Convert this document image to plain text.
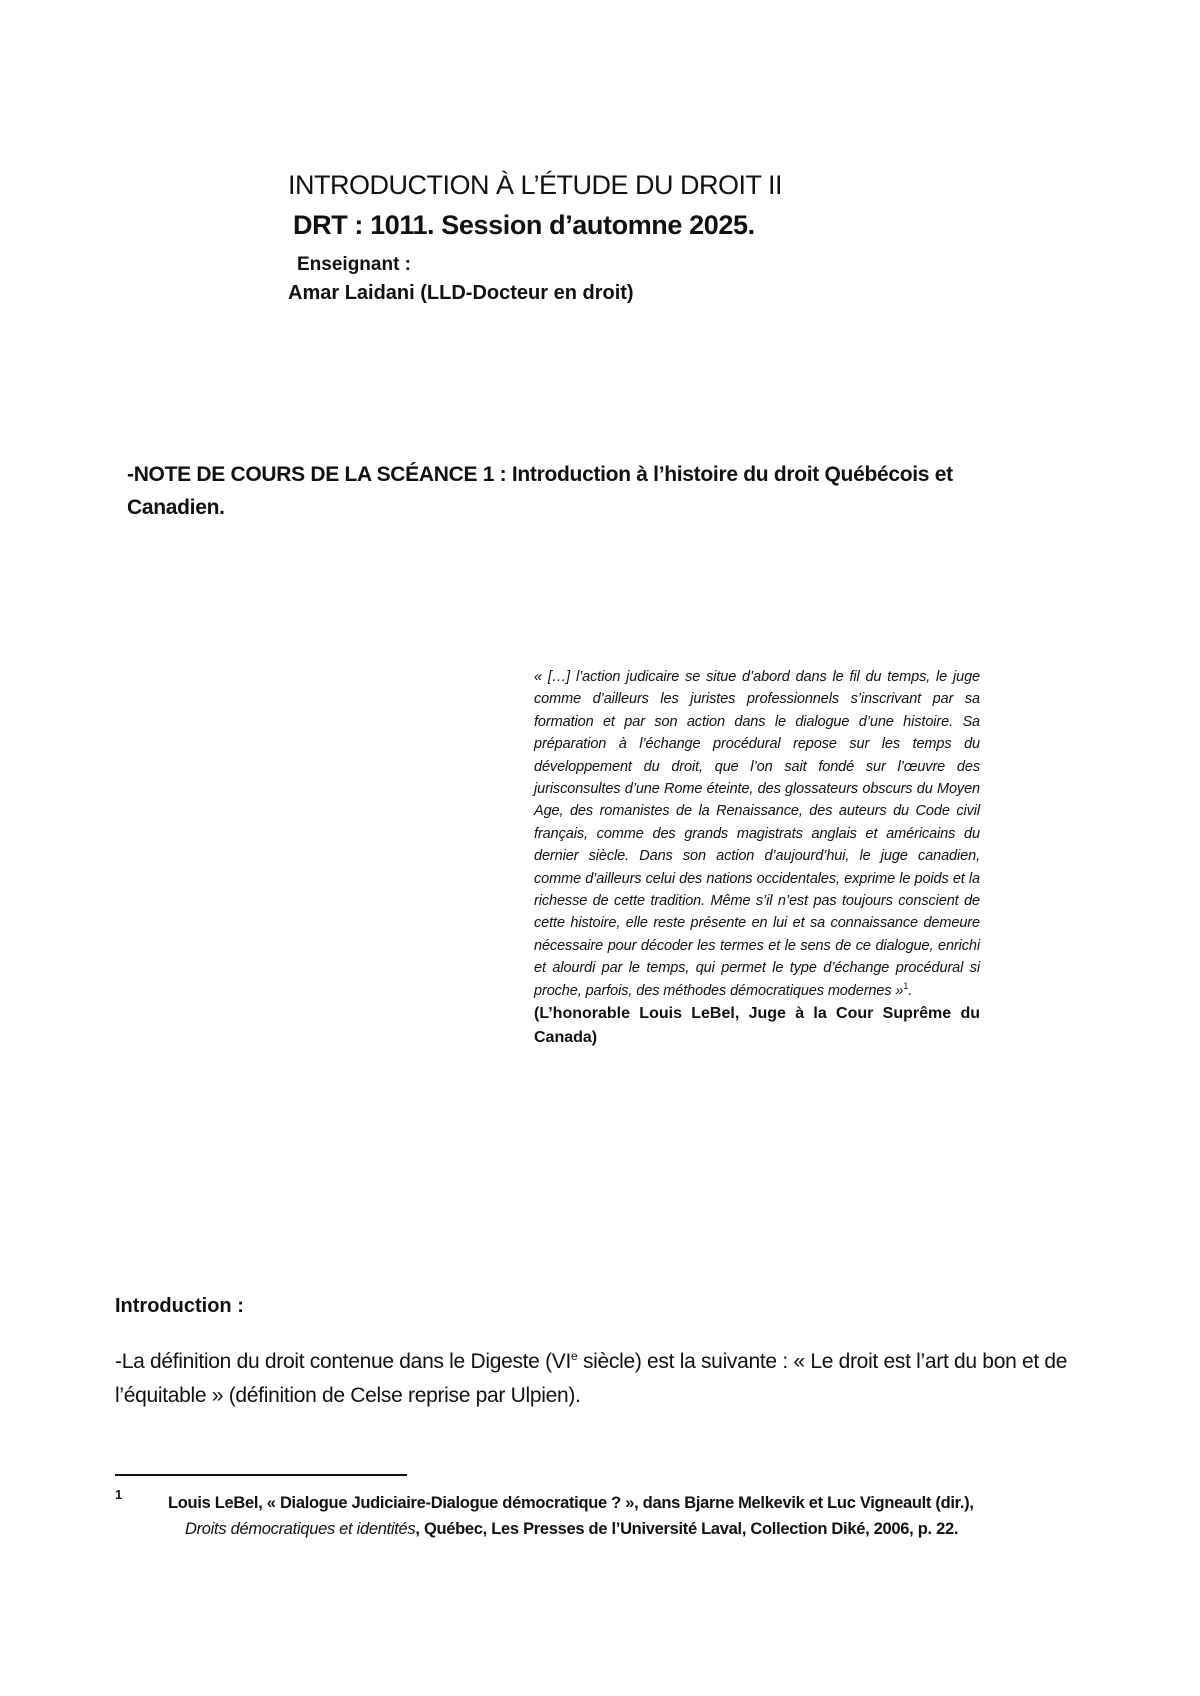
INTRODUCTION À L’ÉTUDE DU DROIT II
DRT : 1011. Session d’automne 2025.
Enseignant :
Amar Laidani (LLD-Docteur en droit)
-NOTE DE COURS DE LA SCÉANCE 1 : Introduction à l’histoire du droit Québécois et Canadien.

« […] l’action judicaire se situe d’abord dans le fil du temps, le juge comme d’ailleurs les juristes professionnels s’inscrivant par sa formation et par son action dans le dialogue d’une histoire. Sa préparation à l’échange procédural repose sur les temps du développement du droit, que l’on sait fondé sur l’œuvre des jurisconsultes d’une Rome éteinte, des glossateurs obscurs du Moyen Age, des romanistes de la Renaissance, des auteurs du Code civil français, comme des grands magistrats anglais et américains du dernier siècle. Dans son action d’aujourd’hui, le juge canadien, comme d’ailleurs celui des nations occidentales, exprime le poids et la richesse de cette tradition. Même s’il n’est pas toujours conscient de cette histoire, elle reste présente en lui et sa connaissance demeure nécessaire pour décoder les termes et le sens de ce dialogue, enrichi et alourdi par le temps, qui permet le type d’échange procédural si proche, parfois, des méthodes démocratiques modernes »$^1$.

(L’honorable Louis LeBel, Juge à la Cour Suprême du Canada)

Introduction :
-La définition du droit contenue dans le Digeste (VIe siècle) est la suivante : « Le droit est l’art du bon et de l’équitable » (définition de Celse reprise par Ulpien).
1	Louis LeBel, « Dialogue Judiciaire-Dialogue démocratique ? », dans Bjarne Melkevik et Luc Vigneault (dir.),
Droits démocratiques et identités, Québec, Les Presses de l’Université Laval, Collection Diké, 2006, p. 22.
